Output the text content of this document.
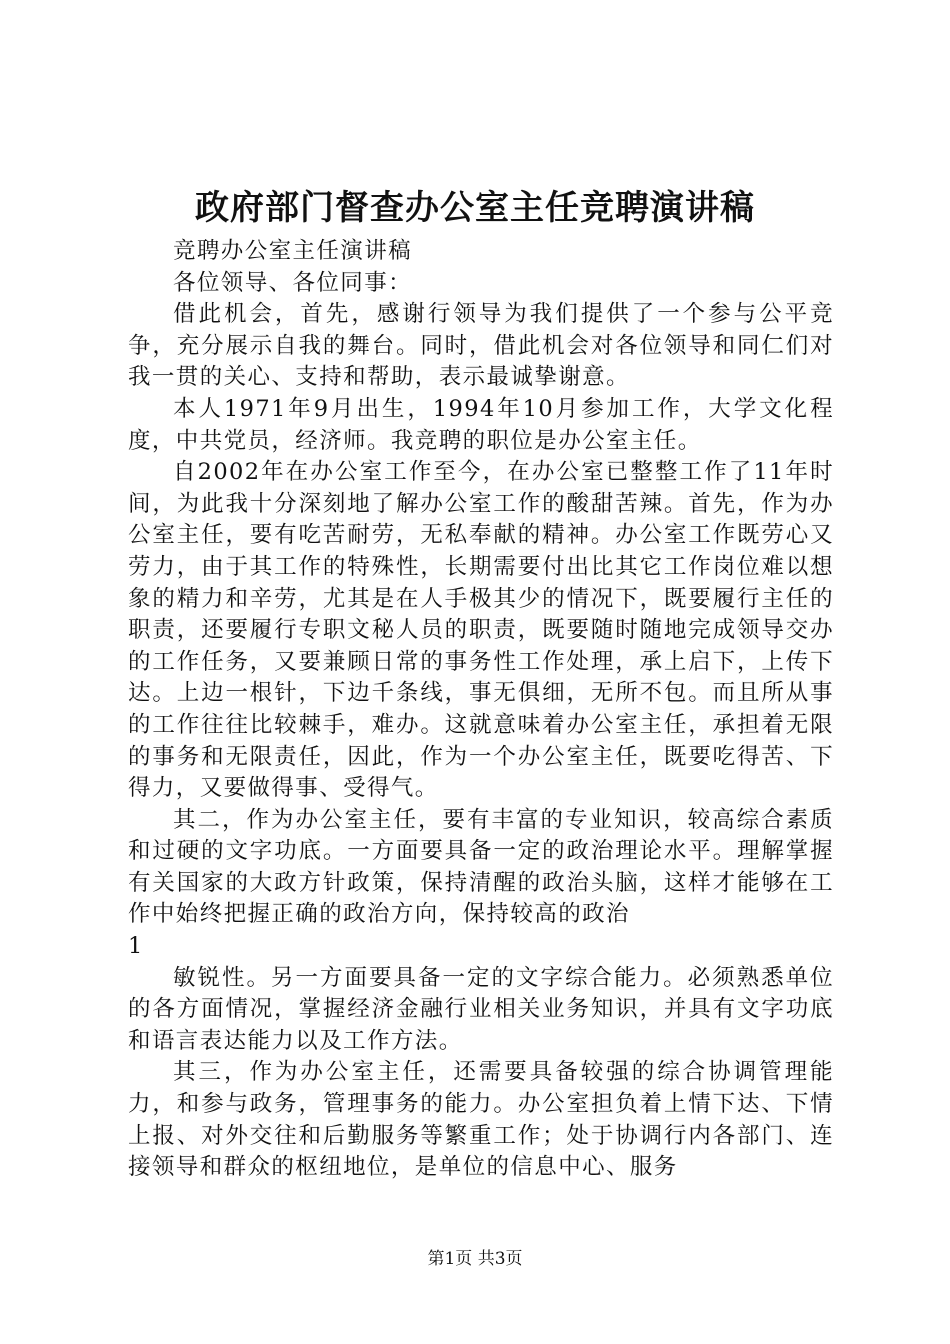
政府部门督查办公室主任竞聘演讲稿

竞聘办公室主任演讲稿

各位领导、各位同事：

借此机会，首先，感谢行领导为我们提供了一个参与公平竞争，充分展示自我的舞台。同时，借此机会对各位领导和同仁们对我一贯的关心、支持和帮助，表示最诚挚谢意。

本人1971年9月出生，1994年10月参加工作，大学文化程度，中共党员，经济师。我竞聘的职位是办公室主任。

自2002年在办公室工作至今，在办公室已整整工作了11年时间，为此我十分深刻地了解办公室工作的酸甜苦辣。首先，作为办公室主任，要有吃苦耐劳，无私奉献的精神。办公室工作既劳心又劳力，由于其工作的特殊性，长期需要付出比其它工作岗位难以想象的精力和辛劳，尤其是在人手极其少的情况下，既要履行主任的职责，还要履行专职文秘人员的职责，既要随时随地完成领导交办的工作任务，又要兼顾日常的事务性工作处理，承上启下，上传下达。上边一根针，下边千条线，事无俱细，无所不包。而且所从事的工作往往比较棘手，难办。这就意味着办公室主任，承担着无限的事务和无限责任，因此，作为一个办公室主任，既要吃得苦、下得力，又要做得事、受得气。

其二，作为办公室主任，要有丰富的专业知识，较高综合素质和过硬的文字功底。一方面要具备一定的政治理论水平。理解掌握有关国家的大政方针政策，保持清醒的政治头脑，这样才能够在工作中始终把握正确的政治方向，保持较高的政治

1

敏锐性。另一方面要具备一定的文字综合能力。必须熟悉单位的各方面情况，掌握经济金融行业相关业务知识，并具有文字功底和语言表达能力以及工作方法。

其三，作为办公室主任，还需要具备较强的综合协调管理能力，和参与政务，管理事务的能力。办公室担负着上情下达、下情上报、对外交往和后勤服务等繁重工作；处于协调行内各部门、连接领导和群众的枢纽地位，是单位的信息中心、服务

第1页 共3页
